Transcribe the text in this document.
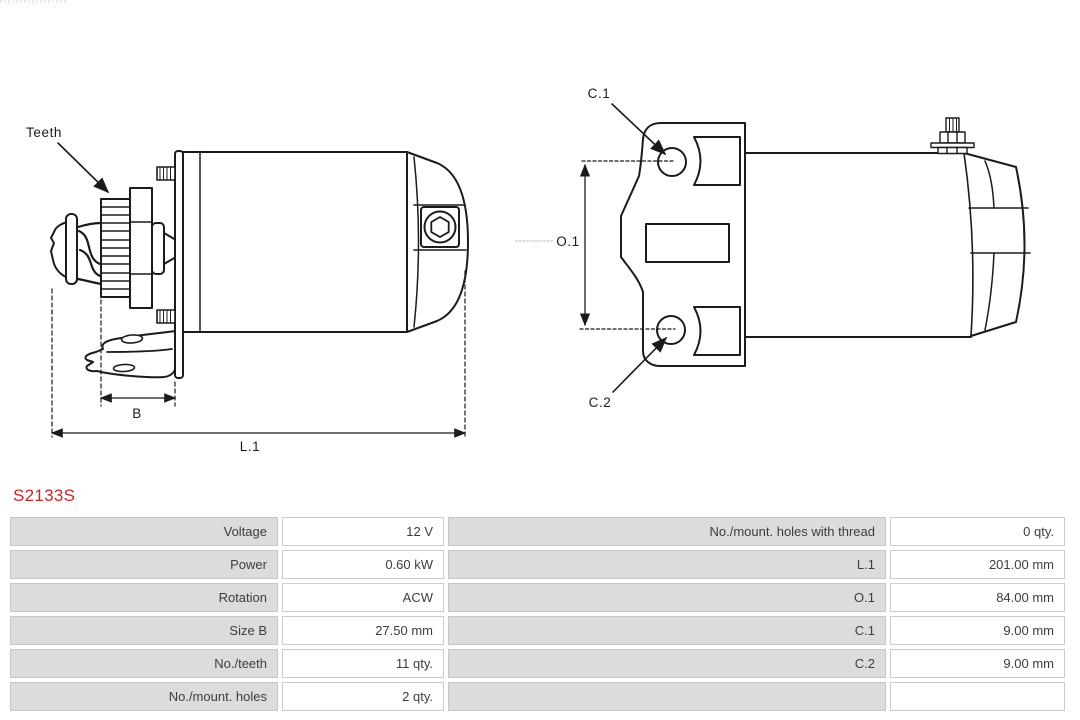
Teeth
B
L.1
C.1
C.2
O.1
S2133S
Voltage	12 V	No./mount. holes with thread	0 qty.
Power	0.60 kW	L.1	201.00 mm
Rotation	ACW	O.1	84.00 mm
Size B	27.50 mm	C.1	9.00 mm
No./teeth	11 qty.	C.2	9.00 mm
No./mount. holes	2 qty.
